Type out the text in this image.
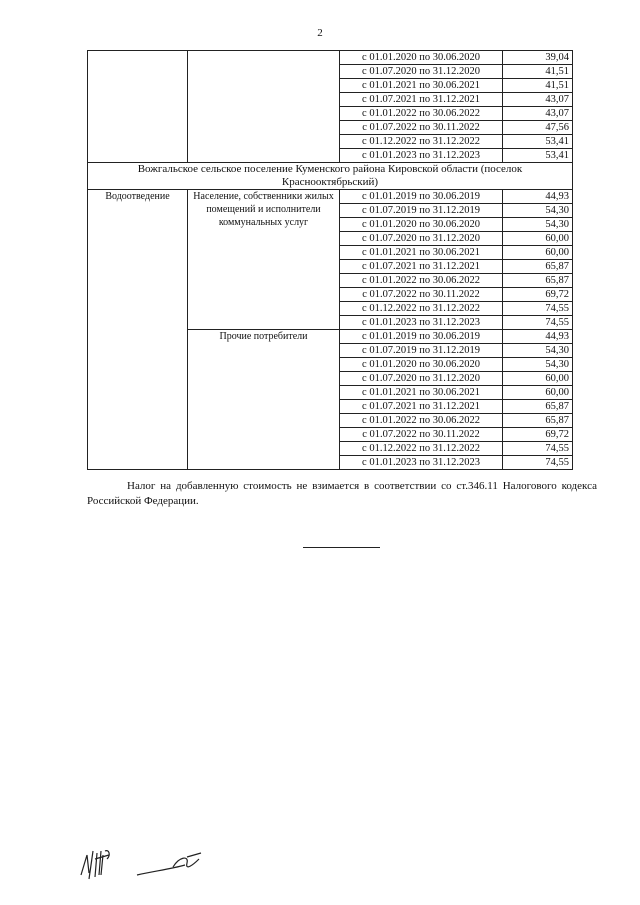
2
		с 01.01.2020 по 30.06.2020	39,04
		с 01.07.2020 по 31.12.2020	41,51
		с 01.01.2021 по 30.06.2021	41,51
		с 01.07.2021 по 31.12.2021	43,07
		с 01.01.2022 по 30.06.2022	43,07
		с 01.07.2022 по 30.11.2022	47,56
		с 01.12.2022 по 31.12.2022	53,41
		с 01.01.2023 по 31.12.2023	53,41
Вожгальское сельское поселение Куменского района Кировской области (поселок Краснооктябрьский)			
Водоотведение	Население, собственники жилых помещений и исполнители коммунальных услуг	с 01.01.2019 по 30.06.2019	44,93
		с 01.07.2019 по 31.12.2019	54,30
		с 01.01.2020 по 30.06.2020	54,30
		с 01.07.2020 по 31.12.2020	60,00
		с 01.01.2021 по 30.06.2021	60,00
		с 01.07.2021 по 31.12.2021	65,87
		с 01.01.2022 по 30.06.2022	65,87
		с 01.07.2022 по 30.11.2022	69,72
		с 01.12.2022 по 31.12.2022	74,55
		с 01.01.2023 по 31.12.2023	74,55
	Прочие потребители	с 01.01.2019 по 30.06.2019	44,93
		с 01.07.2019 по 31.12.2019	54,30
		с 01.01.2020 по 30.06.2020	54,30
		с 01.07.2020 по 31.12.2020	60,00
		с 01.01.2021 по 30.06.2021	60,00
		с 01.07.2021 по 31.12.2021	65,87
		с 01.01.2022 по 30.06.2022	65,87
		с 01.07.2022 по 30.11.2022	69,72
		с 01.12.2022 по 31.12.2022	74,55
		с 01.01.2023 по 31.12.2023	74,55
Налог на добавленную стоимость не взимается в соответствии со ст.346.11 Налогового кодекса Российской Федерации.
